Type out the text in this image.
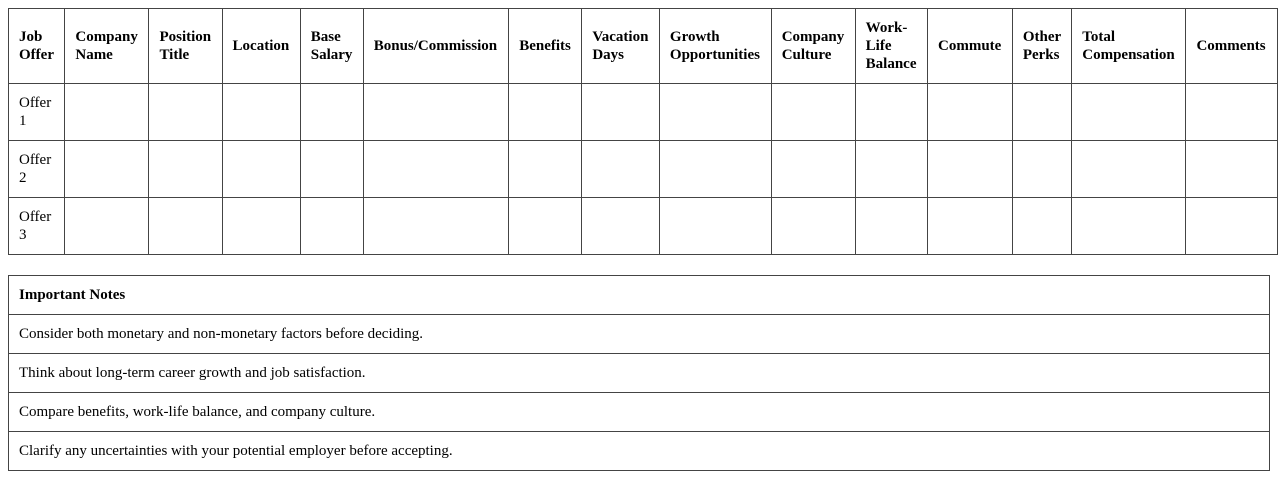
Job Offer	Company Name	Position Title	Location	Base Salary	Bonus/Commission	Benefits	Vacation Days	Growth Opportunities	Company Culture	Work-Life Balance	Commute	Other Perks	Total Compensation	Comments
Offer 1														
Offer 2														
Offer 3														
Important Notes
Consider both monetary and non-monetary factors before deciding.
Think about long-term career growth and job satisfaction.
Compare benefits, work-life balance, and company culture.
Clarify any uncertainties with your potential employer before accepting.
